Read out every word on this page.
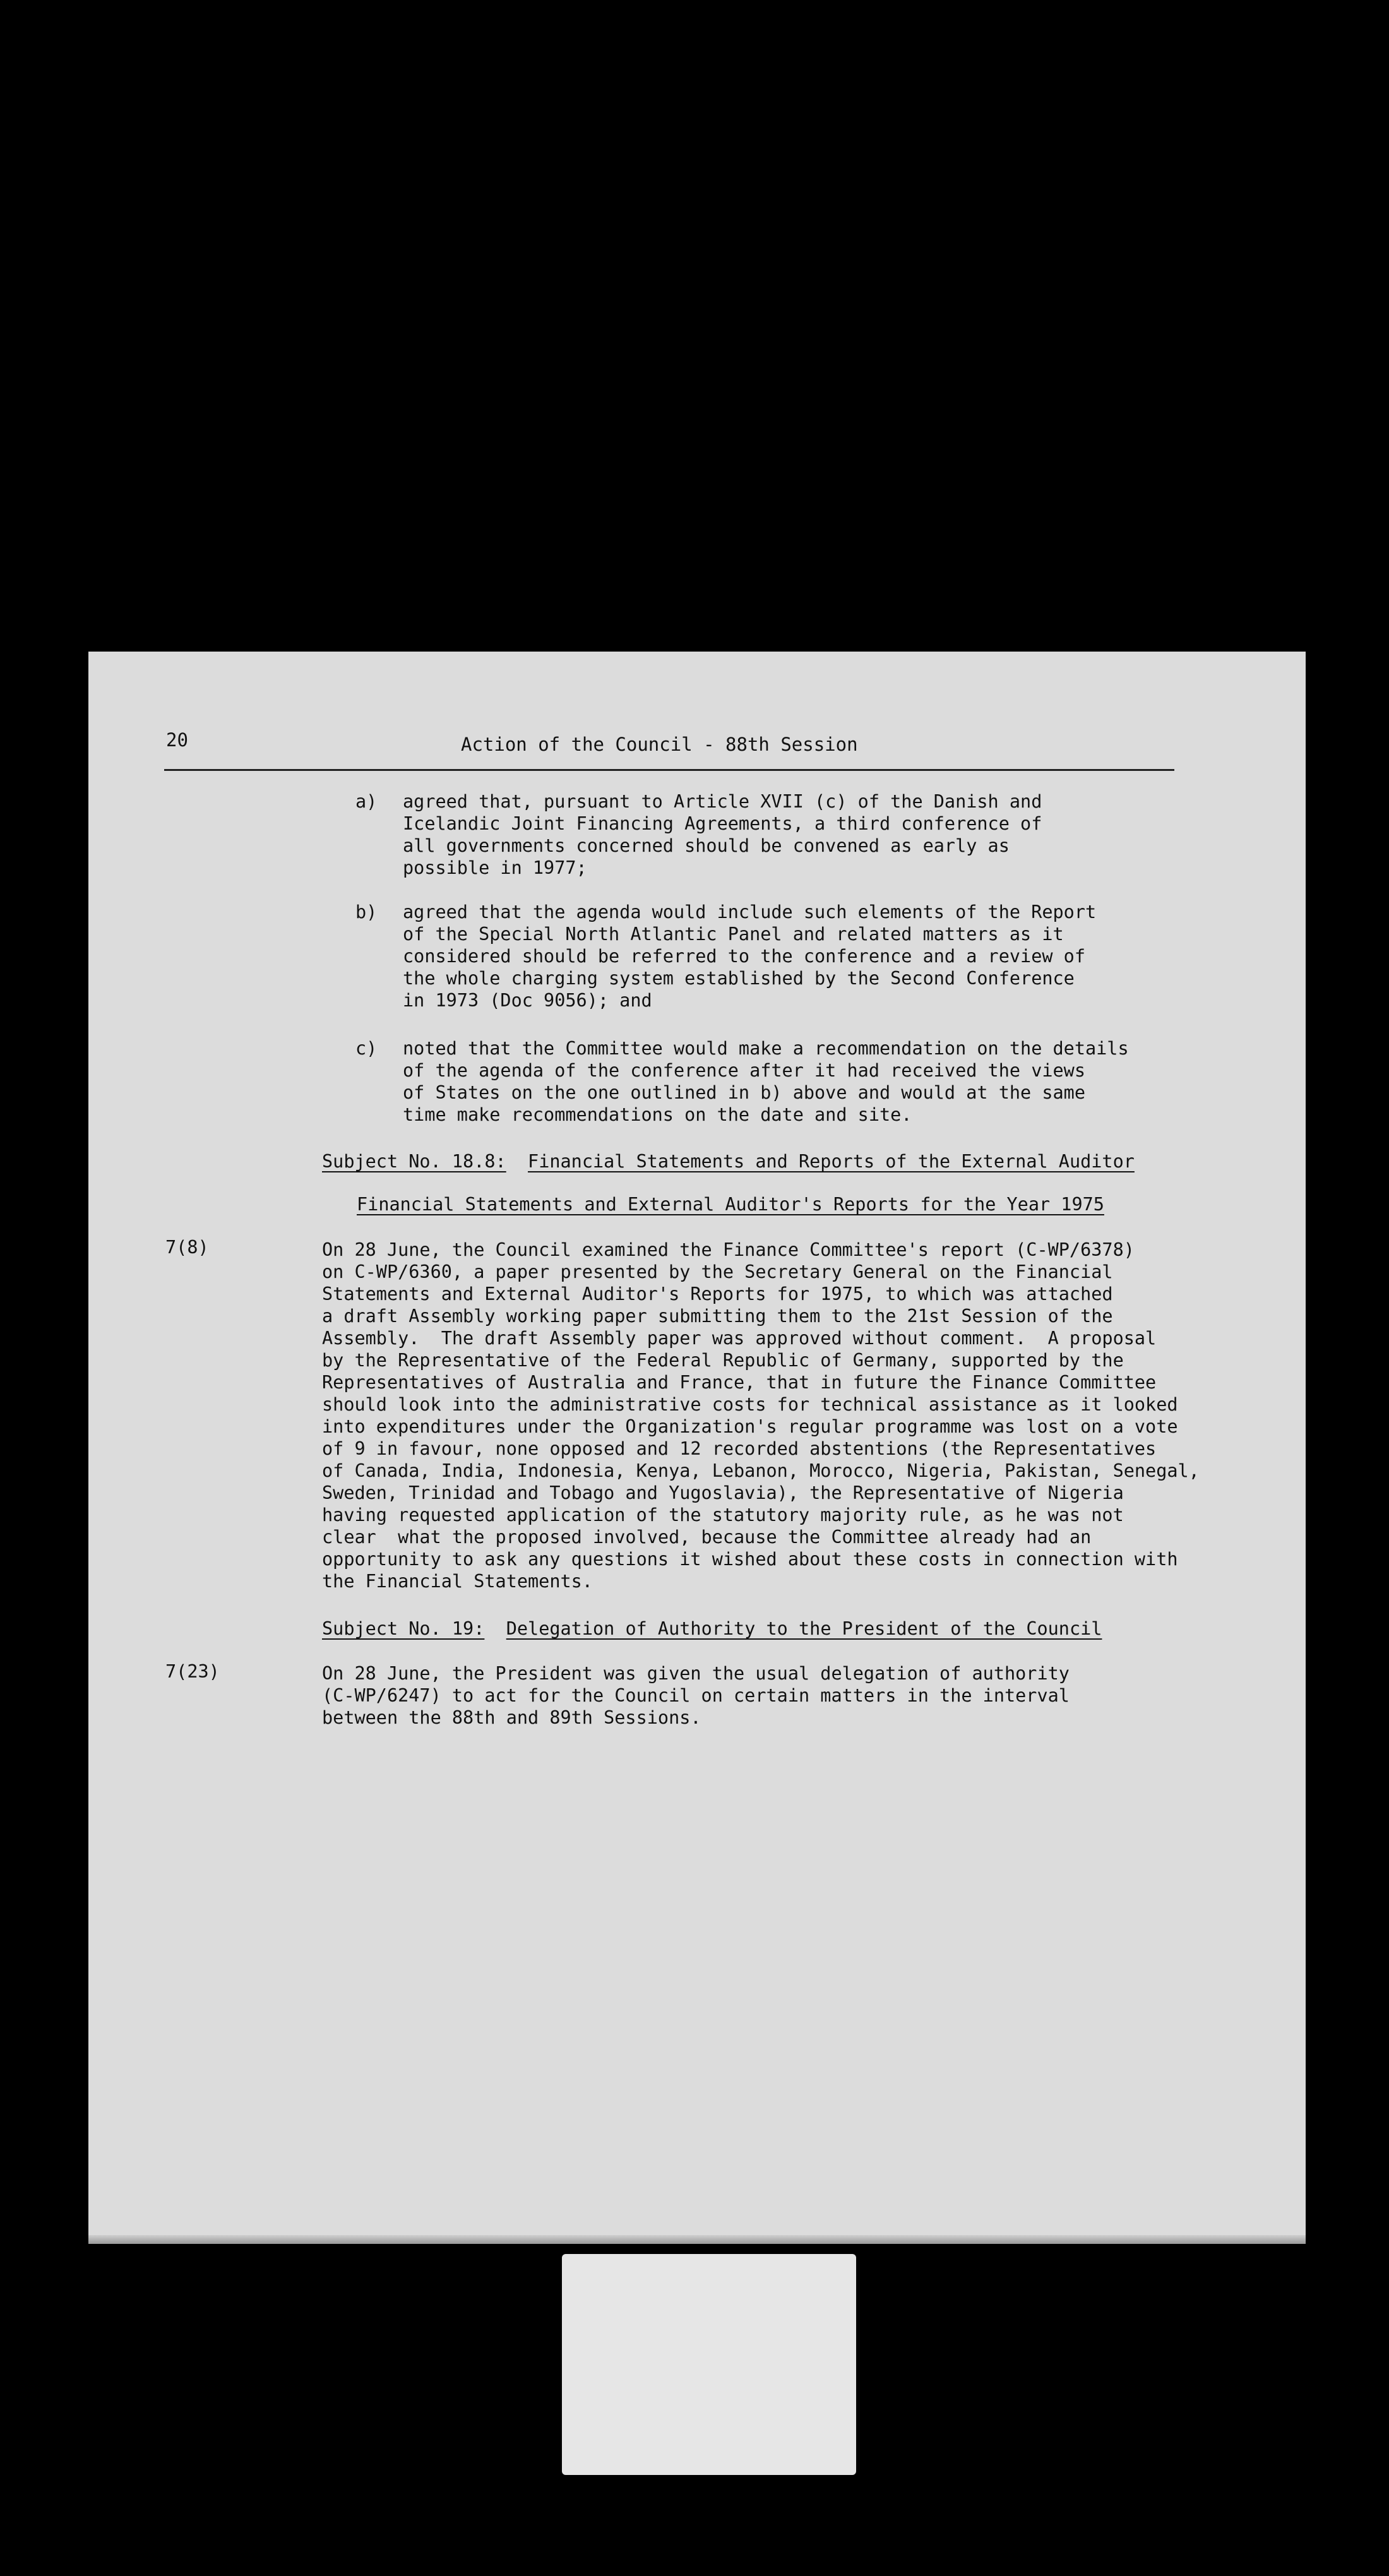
20	Action of the Council - 88th Session
a) agreed that, pursuant to Article XVII (c) of the Danish and
Icelandic Joint Financing Agreements, a third conference of
all governments concerned should be convened as early as
possible in 1977;
b) agreed that the agenda would include such elements of the Report
of the Special North Atlantic Panel and related matters as it
considered should be referred to the conference and a review of
the whole charging system established by the Second Conference
in 1973 (Doc 9056); and
c) noted that the Committee would make a recommendation on the details
of the agenda of the conference after it had received the views
of States on the one outlined in b) above and would at the same
time make recommendations on the date and site.
Subject No. 18.8: Financial Statements and Reports of the External Auditor
Financial Statements and External Auditor's Reports for the Year 1975
7(8)	On 28 June, the Council examined the Finance Committee's report (C-WP/6378)
on C-WP/6360, a paper presented by the Secretary General on the Financial
Statements and External Auditor's Reports for 1975, to which was attached
a draft Assembly working paper submitting them to the 21st Session of the
Assembly.  The draft Assembly paper was approved without comment.  A proposal
by the Representative of the Federal Republic of Germany, supported by the
Representatives of Australia and France, that in future the Finance Committee
should look into the administrative costs for technical assistance as it looked
into expenditures under the Organization's regular programme was lost on a vote
of 9 in favour, none opposed and 12 recorded abstentions (the Representatives
of Canada, India, Indonesia, Kenya, Lebanon, Morocco, Nigeria, Pakistan, Senegal,
Sweden, Trinidad and Tobago and Yugoslavia), the Representative of Nigeria
having requested application of the statutory majority rule, as he was not
clear  what the proposed involved, because the Committee already had an
opportunity to ask any questions it wished about these costs in connection with
the Financial Statements.
Subject No. 19: Delegation of Authority to the President of the Council
7(23)	On 28 June, the President was given the usual delegation of authority
(C-WP/6247) to act for the Council on certain matters in the interval
between the 88th and 89th Sessions.
